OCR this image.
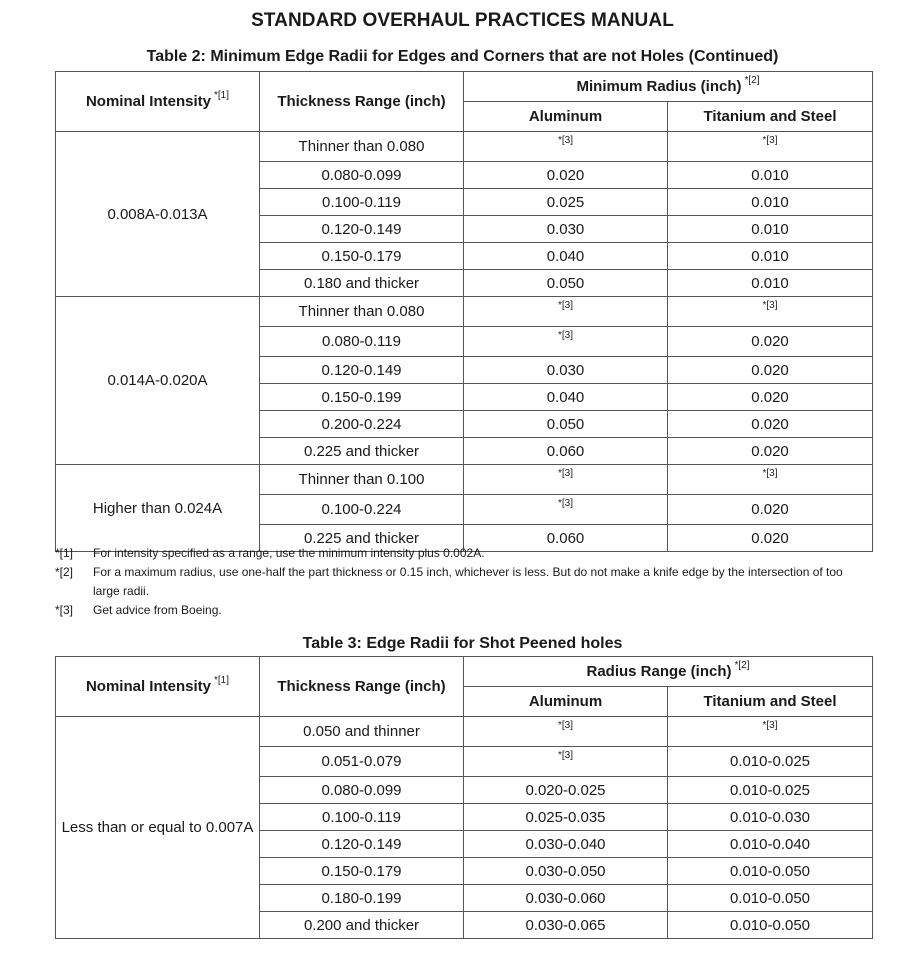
STANDARD OVERHAUL PRACTICES MANUAL
Table 2: Minimum Edge Radii for Edges and Corners that are not Holes (Continued)
Nominal Intensity $^{*[1]}$	Thickness Range (inch)	Minimum Radius (inch) $^{*[2]}$
		Aluminum	Titanium and Steel
0.008A-0.013A	Thinner than 0.080	*[3]	*[3]
	0.080-0.099	0.020	0.010
	0.100-0.119	0.025	0.010
	0.120-0.149	0.030	0.010
	0.150-0.179	0.040	0.010
	0.180 and thicker	0.050	0.010
0.014A-0.020A	Thinner than 0.080	*[3]	*[3]
	0.080-0.119	*[3]	0.020
	0.120-0.149	0.030	0.020
	0.150-0.199	0.040	0.020
	0.200-0.224	0.050	0.020
	0.225 and thicker	0.060	0.020
Higher than 0.024A	Thinner than 0.100	*[3]	*[3]
	0.100-0.224	*[3]	0.020
	0.225 and thicker	0.060	0.020
*[1] For intensity specified as a range, use the minimum intensity plus 0.002A.
*[2] For a maximum radius, use one-half the part thickness or 0.15 inch, whichever is less. But do not make a knife edge by the intersection of too large radii.
*[3] Get advice from Boeing.
Table 3: Edge Radii for Shot Peened holes
Nominal Intensity $^{*[1]}$	Thickness Range (inch)	Radius Range (inch) $^{*[2]}$
		Aluminum	Titanium and Steel
Less than or equal to 0.007A	0.050 and thinner	*[3]	*[3]
	0.051-0.079	*[3]	0.010-0.025
	0.080-0.099	0.020-0.025	0.010-0.025
	0.100-0.119	0.025-0.035	0.010-0.030
	0.120-0.149	0.030-0.040	0.010-0.040
	0.150-0.179	0.030-0.050	0.010-0.050
	0.180-0.199	0.030-0.060	0.010-0.050
	0.200 and thicker	0.030-0.065	0.010-0.050
